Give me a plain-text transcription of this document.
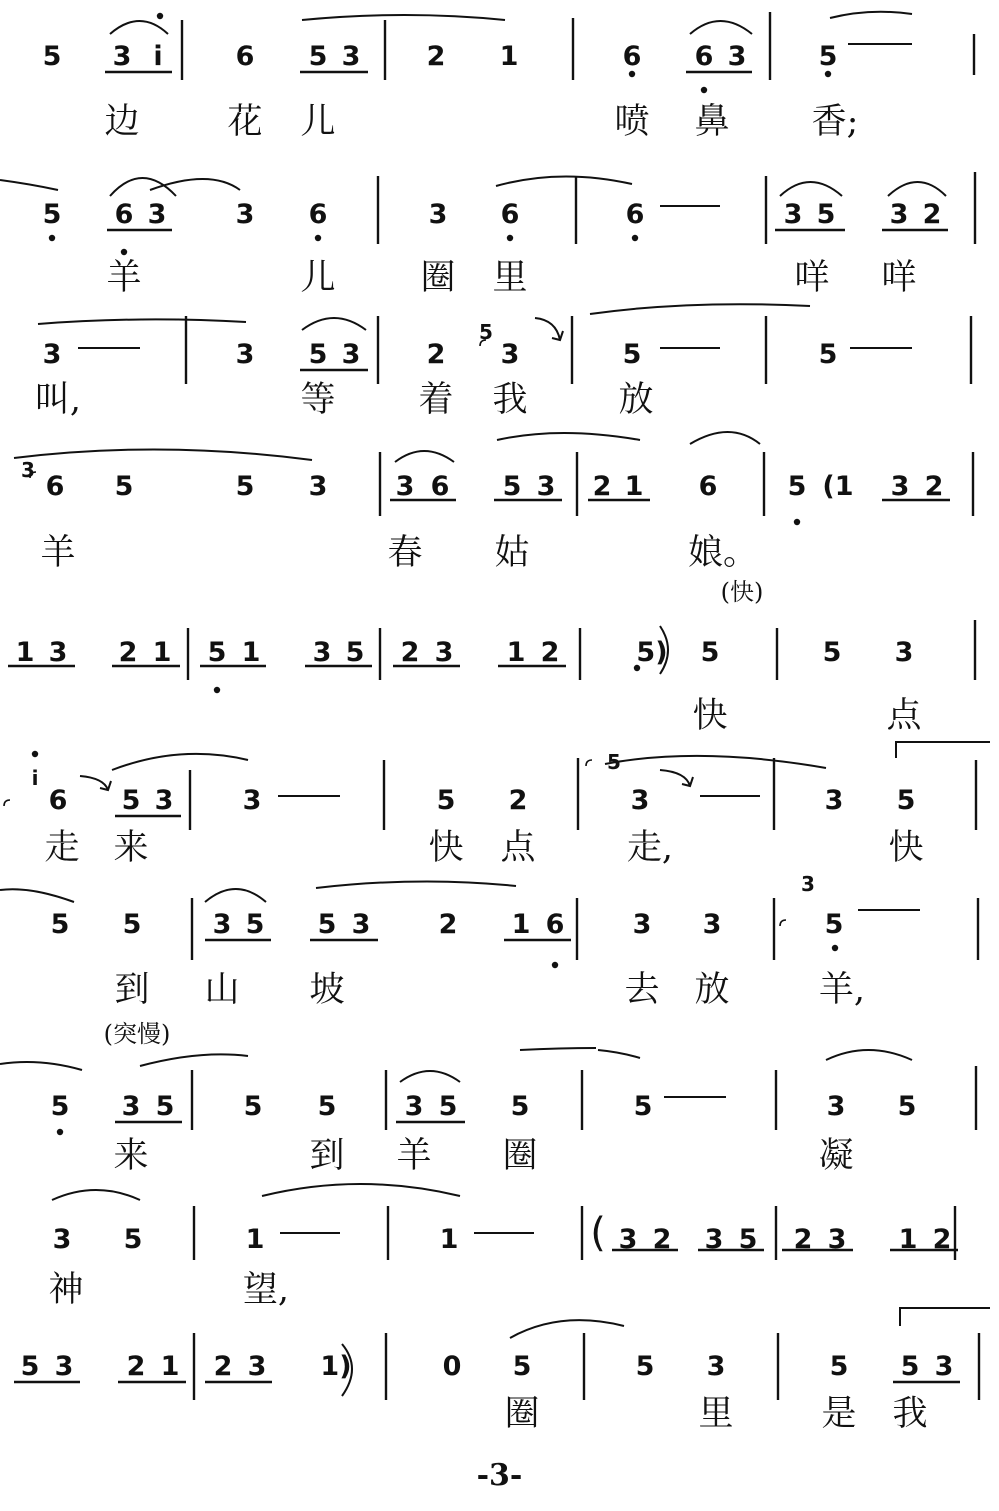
5 3 i	6 5 3 2 1	6 6 3	5
边	花 儿	喷 鼻 香;
5 6 3	3 6	3 6	6	3 5 3 2
羊	儿 圈 里	咩 咩
3	3 5 3 2
5
3	5	5
叫,	等 着 我	放
3
6 5	5 3	3 6 5 3 2 1 6	5 (1 3 2
羊	春 姑	娘。
(快)
1 3 2 1 5 1 3 5 2 3 1 2	5) 5	5 3
快	点
i
6 5 3	3	5 2
5
3	3 5
走 来	快 点	走,	快
5 5	3 5 5 3	2 1 6	3 3
3
5
到 山 坡	去 放	羊,
(突慢)
5 3 5	5 5	3 5 5	5	3 5
来	到 羊 圈	凝
3 5	1	1	( 3 2 3 5 2 3 1 2
神	望,
5 3 2 1 2 3 1)	0 5	5 3	5 5 3
圈	里	是 我
-3-
